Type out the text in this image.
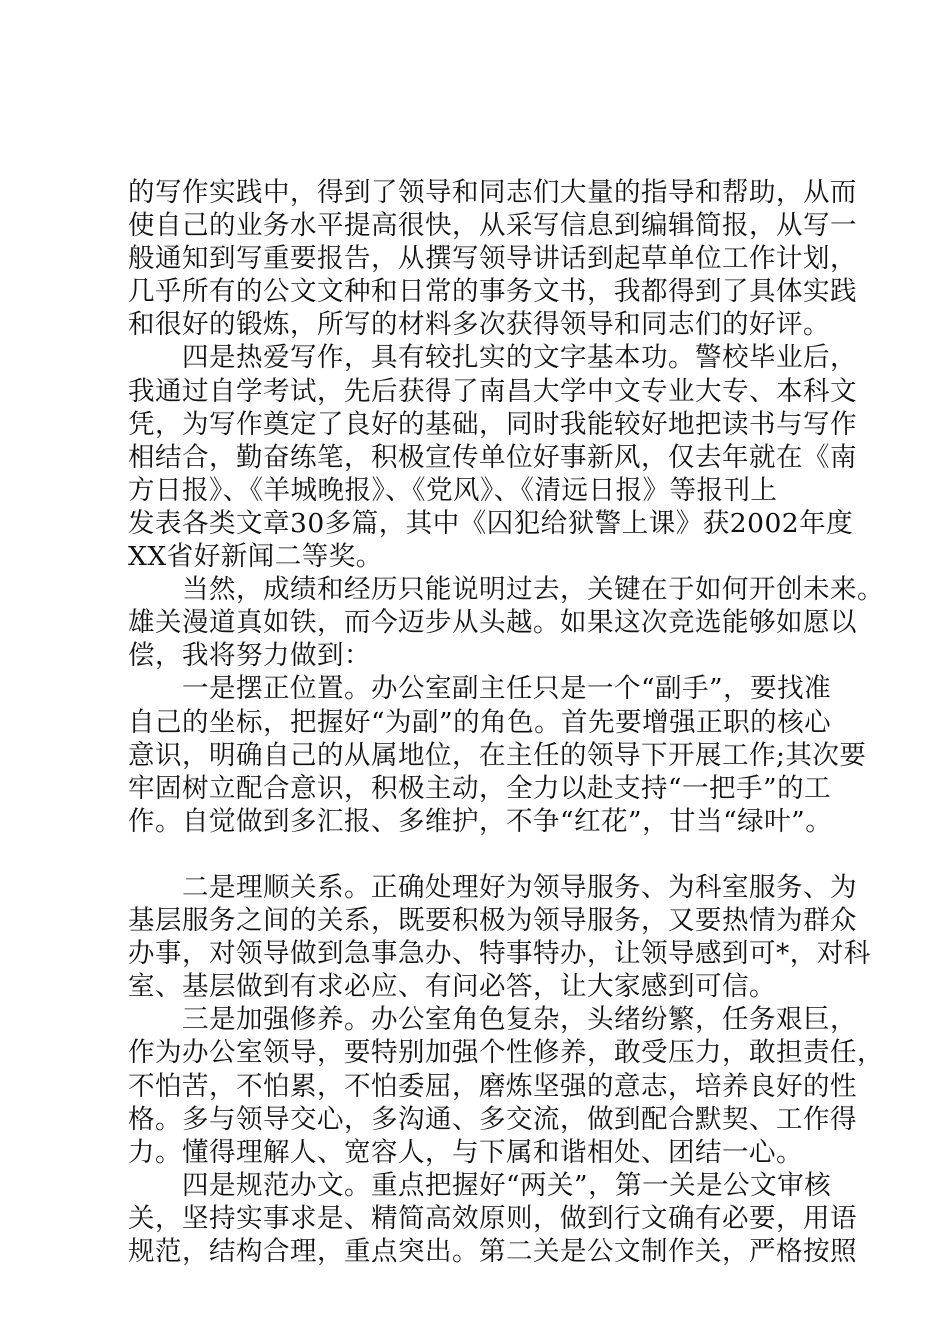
的写作实践中，得到了领导和同志们大量的指导和帮助，从而
使自己的业务水平提高很快，从采写信息到编辑简报，从写一
般通知到写重要报告，从撰写领导讲话到起草单位工作计划，
几乎所有的公文文种和日常的事务文书，我都得到了具体实践
和很好的锻炼，所写的材料多次获得领导和同志们的好评。
　　四是热爱写作，具有较扎实的文字基本功。警校毕业后，
我通过自学考试，先后获得了南昌大学中文专业大专、本科文
凭，为写作奠定了良好的基础，同时我能较好地把读书与写作
相结合，勤奋练笔，积极宣传单位好事新风，仅去年就在《南
方日报》、《羊城晚报》、《党风》、《清远日报》等报刊上
发表各类文章30多篇，其中《囚犯给狱警上课》获2002年度
XX省好新闻二等奖。
　　当然，成绩和经历只能说明过去，关键在于如何开创未来。
雄关漫道真如铁，而今迈步从头越。如果这次竞选能够如愿以
偿，我将努力做到：
　　一是摆正位置。办公室副主任只是一个“副手”，要找准
自己的坐标，把握好“为副”的角色。首先要增强正职的核心
意识，明确自己的从属地位，在主任的领导下开展工作;其次要
牢固树立配合意识，积极主动，全力以赴支持“一把手”的工
作。自觉做到多汇报、多维护，不争“红花”，甘当“绿叶”。
　　二是理顺关系。正确处理好为领导服务、为科室服务、为
基层服务之间的关系，既要积极为领导服务，又要热情为群众
办事，对领导做到急事急办、特事特办，让领导感到可*，对科
室、基层做到有求必应、有问必答，让大家感到可信。
　　三是加强修养。办公室角色复杂，头绪纷繁，任务艰巨，
作为办公室领导，要特别加强个性修养，敢受压力，敢担责任，
不怕苦，不怕累，不怕委屈，磨炼坚强的意志，培养良好的性
格。多与领导交心，多沟通、多交流，做到配合默契、工作得
力。懂得理解人、宽容人，与下属和谐相处、团结一心。
　　四是规范办文。重点把握好“两关”，第一关是公文审核
关，坚持实事求是、精简高效原则，做到行文确有必要，用语
规范，结构合理，重点突出。第二关是公文制作关，严格按照
